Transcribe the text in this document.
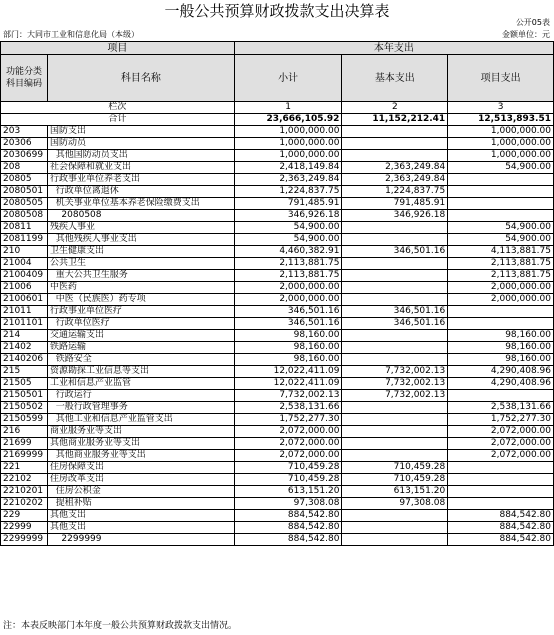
一般公共预算财政拨款支出决算表
公开05表
部门：大同市工业和信息化局（本级）	金额单位：元
项目		本年支出		
功能分类
科目编码	科目名称	小计	基本支出	项目支出
栏次		1	2	3
合计		23,666,105.92	11,152,212.41	12,513,893.51
203	国防支出	1,000,000.00		1,000,000.00
20306	国防动员	1,000,000.00		1,000,000.00
2030699	其他国防动员支出	1,000,000.00		1,000,000.00
208	社会保障和就业支出	2,418,149.84	2,363,249.84	54,900.00
20805	行政事业单位养老支出	2,363,249.84	2,363,249.84	
2080501	行政单位离退休	1,224,837.75	1,224,837.75	
2080505	机关事业单位基本养老保险缴费支出	791,485.91	791,485.91	
2080508	2080508	346,926.18	346,926.18	
20811	残疾人事业	54,900.00		54,900.00
2081199	其他残疾人事业支出	54,900.00		54,900.00
210	卫生健康支出	4,460,382.91	346,501.16	4,113,881.75
21004	公共卫生	2,113,881.75		2,113,881.75
2100409	重大公共卫生服务	2,113,881.75		2,113,881.75
21006	中医药	2,000,000.00		2,000,000.00
2100601	中医（民族医）药专项	2,000,000.00		2,000,000.00
21011	行政事业单位医疗	346,501.16	346,501.16	
2101101	行政单位医疗	346,501.16	346,501.16	
214	交通运输支出	98,160.00		98,160.00
21402	铁路运输	98,160.00		98,160.00
2140206	铁路安全	98,160.00		98,160.00
215	资源勘探工业信息等支出	12,022,411.09	7,732,002.13	4,290,408.96
21505	工业和信息产业监管	12,022,411.09	7,732,002.13	4,290,408.96
2150501	行政运行	7,732,002.13	7,732,002.13	
2150502	一般行政管理事务	2,538,131.66		2,538,131.66
2150599	其他工业和信息产业监管支出	1,752,277.30		1,752,277.30
216	商业服务业等支出	2,072,000.00		2,072,000.00
21699	其他商业服务业等支出	2,072,000.00		2,072,000.00
2169999	其他商业服务业等支出	2,072,000.00		2,072,000.00
221	住房保障支出	710,459.28	710,459.28	
22102	住房改革支出	710,459.28	710,459.28	
2210201	住房公积金	613,151.20	613,151.20	
2210202	提租补贴	97,308.08	97,308.08	
229	其他支出	884,542.80		884,542.80
22999	其他支出	884,542.80		884,542.80
2299999	2299999	884,542.80		884,542.80
注：本表反映部门本年度一般公共预算财政拨款支出情况。
